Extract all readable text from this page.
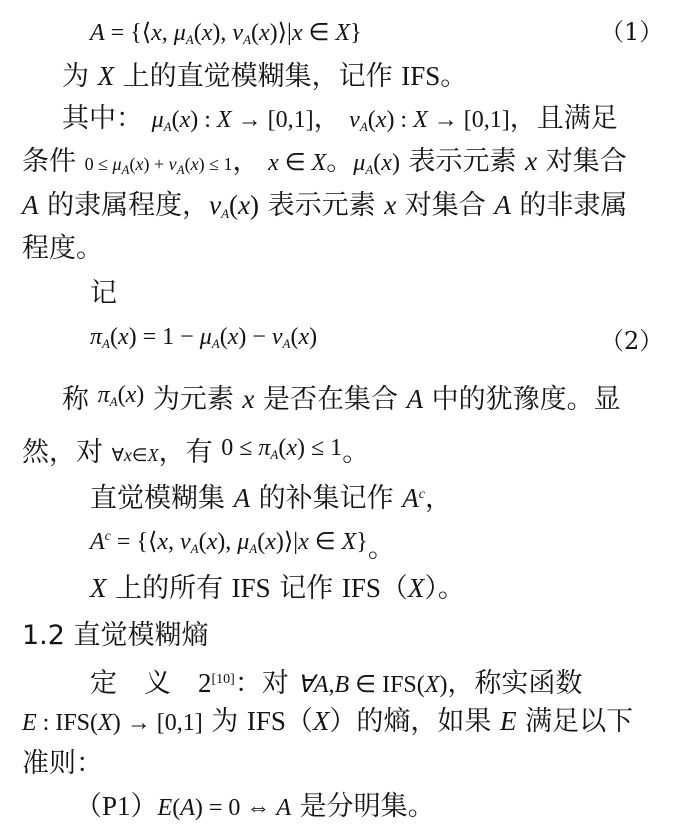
A = {⟨x, $\mu_A(x)$, $\nu_A(x)⟩|x$ ∈ X}	（1）
为 X 上的直觉模糊集，记作 IFS。
其中： $\mu_A(x)$ : X → [0,1]， $\nu_A(x)$ : X → [0,1]，且满足
条件 $0 \le \mu_A(x) + \nu_A(x) \le 1$， x ∈ X。$\mu_A(x)$ 表示元素 x 对集合
A 的隶属程度，$\nu_A(x)$ 表示元素 x 对集合 A 的非隶属
程度。
记
$\pi_A(x) = 1 - \mu_A(x) - \nu_A(x)$	（2）
称 $\pi_A(x)$ 为元素 x 是否在集合 A 中的犹豫度。显
然，对 ∀x∈X，有 $0 \le \pi_A(x) \le 1$。
直觉模糊集 A 的补集记作 $A^c$，
$A^c$ = {⟨x, $\nu_A(x)$, $\mu_A(x)⟩|x$ ∈ X}。
X 上的所有 IFS 记作 IFS（X）。
1.2 直觉模糊熵
定　义　2[10]：对 ∀A,B ∈ IFS(X)，称实函数
E : IFS(X) → [0,1] 为 IFS（X）的熵，如果 E 满足以下
准则：
（P1）E(A) = 0 ⇔ A 是分明集。
